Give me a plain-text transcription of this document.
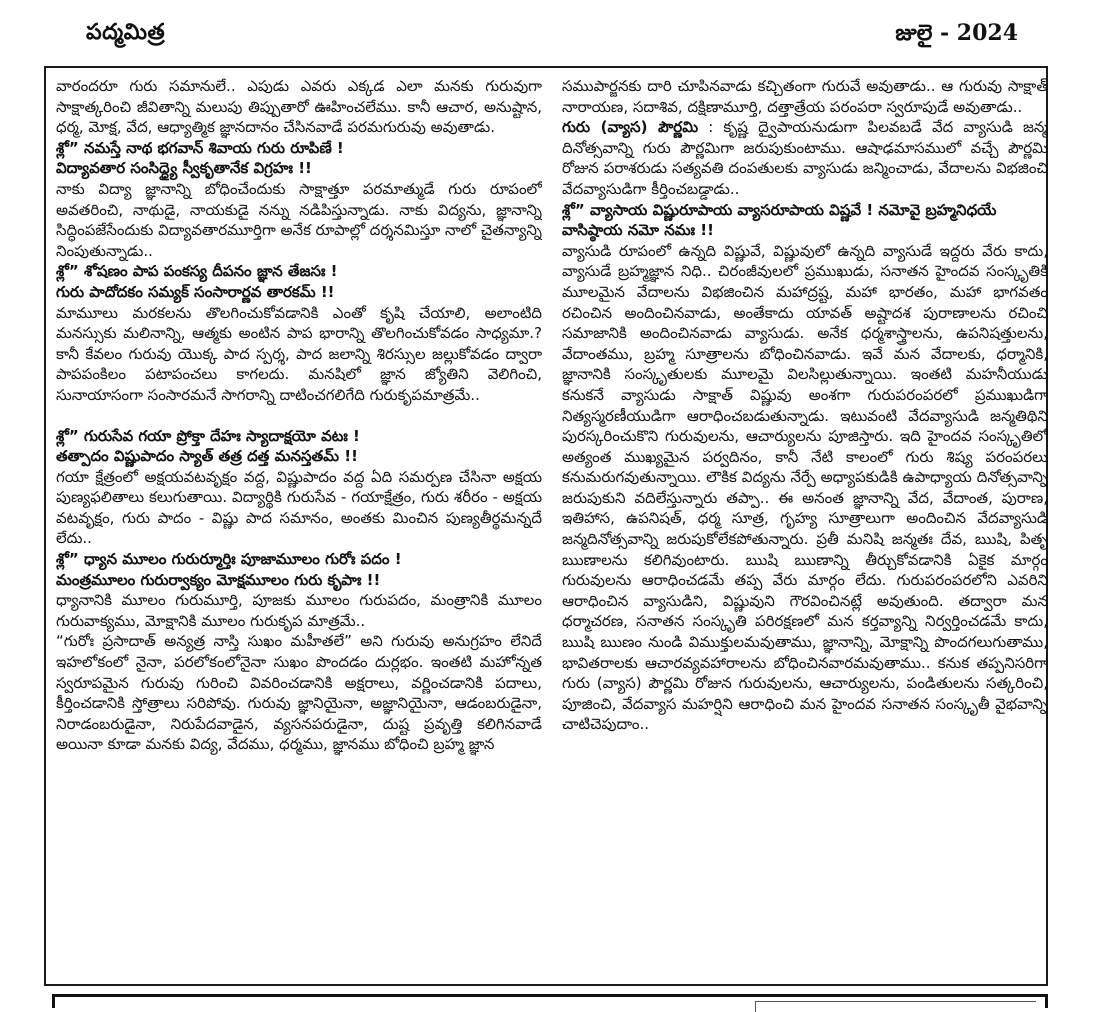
పద్మమిత్ర	జులై - 2024

వారందరూ గురు సమానులే.. ఎపుడు ఎవరు ఎక్కడ ఎలా మనకు గురువుగా సాక్షాత్కరించి జీవితాన్ని మలుపు తిప్పుతారో ఊహించలేము. కానీ ఆచార, అనుష్టాన, ధర్మ, మోక్ష, వేద, ఆధ్యాత్మిక జ్ఞానదానం చేసినవాడే పరమగురువు అవుతాడు.

శ్లో” నమస్తే నాథ భగవాన్ శివాయ గురు రూపిణే !

విద్యావతార సంసిద్ధ్యై స్వీకృతానేక విగ్రహః !!

నాకు విద్యా జ్ఞానాన్ని బోధించేందుకు సాక్షాత్తూ పరమాత్ముడే గురు రూపంలో అవతరించి, నాథుడై, నాయకుడై నన్ను నడిపిస్తున్నాడు. నాకు విద్యను, జ్ఞానాన్ని సిద్ధింపజేసేందుకు విద్యావతారమూర్తిగా అనేక రూపాల్లో దర్శనమిస్తూ నాలో చైతన్యాన్ని నింపుతున్నాడు..

శ్లో” శోషణం పాప పంకస్య దీపనం జ్ఞాన తేజసః !

గురు పాదోదకం సమ్యక్ సంసారార్ణవ తారకమ్ !!

మామూలు మరకలను తొలగించుకోవడానికి ఎంతో కృషి చేయాలి, అలాంటిది మనస్సుకు మలినాన్ని, ఆత్మకు అంటిన పాప భారాన్ని తొలగించుకోవడం సాధ్యమా.? కానీ కేవలం గురువు యొక్క పాద స్పర్శ, పాద జలాన్ని శిరస్సుల జల్లుకోవడం ద్వారా పాపపంకిలం పటాపంచలు కాగలదు. మనషిలో జ్ఞాన జ్యోతిని వెలిగించి, సునాయాసంగా సంసారమనే సాగరాన్ని దాటించగలిగేది గురుకృపమాత్రమే..

శ్లో” గురుసేవ గయా ప్రోక్తా దేహః స్యాదాక్షయో వటః !

తత్పాదం విష్ణుపాదం స్యాత్ తత్ర దత్త మనస్తతమ్ !!

గయా క్షేత్రంలో అక్షయవటవృక్షం వద్ద, విష్ణుపాదం వద్ద ఏది సమర్పణ చేసినా అక్షయ పుణ్యఫలితాలు కలుగుతాయి. విద్యార్థికి గురుసేవ - గయాక్షేత్రం, గురు శరీరం - అక్షయ వటవృక్షం, గురు పాదం - విష్ణు పాద సమానం, అంతకు మించిన పుణ్యతీర్థమన్నదే లేదు..

శ్లో” ధ్యాన మూలం గురుర్మూర్తిః పూజామూలం గురోః పదం !

మంత్రమూలం గురుర్వాక్యం మోక్షమూలం గురు కృపాః !!

ధ్యానానికి మూలం గురుమూర్తి, పూజకు మూలం గురుపదం, మంత్రానికి మూలం గురువాక్యము, మోక్షానికి మూలం గురుకృప మాత్రమే..

“గురోః ప్రసాదాత్ అన్యత్ర నాస్తి సుఖం మహీతలే” అని గురువు అనుగ్రహం లేనిదే ఇహలోకంలో నైనా, పరలోకంలోనైనా సుఖం పొందడం దుర్లభం. ఇంతటి మహోన్నత స్వరూపమైన గురువు గురించి వివరించడానికి అక్షరాలు, వర్ణించడానికి పదాలు, కీర్తించడానికి స్తోత్రాలు సరిపోవు. గురువు జ్ఞానియైనా, అజ్ఞానియైనా, ఆడంబరుడైనా, నిరాడంబరుడైనా, నిరుపేదవాడైన, వ్యసనపరుడైనా, దుష్ట ప్రవృత్తి కలిగినవాడే అయినా కూడా మనకు విద్య, వేదము, ధర్మము, జ్ఞానము బోధించి బ్రహ్మ జ్ఞాన

సముపార్జనకు దారి చూపినవాడు కచ్చితంగా గురువే అవుతాడు.. ఆ గురువు సాక్షాత్ నారాయణ, సదాశివ, దక్షిణామూర్తి, దత్తాత్రేయ పరంపరా స్వరూపుడే అవుతాడు..

గురు (వ్యాస) పౌర్ణమి : కృష్ణ ద్వైపాయనుడుగా పిలవబడే వేద వ్యాసుడి జన్మ దినోత్సవాన్ని గురు పౌర్ణమిగా జరుపుకుంటాము. ఆషాఢమాసములో వచ్చే పౌర్ణమి రోజున పరాశరుడు సత్యవతి దంపతులకు వ్యాసుడు జన్మించాడు, వేదాలను విభజించి వేదవ్యాసుడిగా కీర్తించబడ్డాడు..

శ్లో” వ్యాసాయ విష్ణురూపాయ వ్యాసరూపాయ విష్ణవే ! నమోవై బ్రహ్మనిధయే వాసిష్ఠాయ నమో నమః !!

వ్యాసుడి రూపంలో ఉన్నది విష్ణువే, విష్ణువులో ఉన్నది వ్యాసుడే ఇద్దరు వేరు కాదు, వ్యాసుడే బ్రహ్మజ్ఞాన నిధి.. చిరంజీవులలో ప్రముఖుడు, సనాతన హైందవ సంస్కృతికి మూలమైన వేదాలను విభజించిన మహాద్రష్ట, మహా భారతం, మహా భాగవతం రచించిన అందించినవాడు, అంతేకాదు యావత్ అష్టాదశ పురాణాలను రచించి సమాజానికి అందించినవాడు వ్యాసుడు. అనేక ధర్మశాస్త్రాలను, ఉపనిషత్తులను, వేదాంతము, బ్రహ్మ సూత్రాలను బోధించినవాడు. ఇవే మన వేదాలకు, ధర్మానికి, జ్ఞానానికి సంస్కృతులకు మూలమై విలసిల్లుతున్నాయి. ఇంతటి మహనీయుడు కనుకనే వ్యాసుడు సాక్షాత్ విష్ణువు అంశగా గురుపరంపరలో ప్రముఖుడిగా నిత్యస్మరణీయుడిగా ఆరాధించబడుతున్నాడు. ఇటువంటి వేదవ్యాసుడి జన్మతిథిని పురస్కరించుకొని గురువులను, ఆచార్యులను పూజిస్తారు. ఇది హైందవ సంస్కృతిలో అత్యంత ముఖ్యమైన పర్వదినం, కానీ నేటి కాలంలో గురు శిష్య పరంపరలు కనుమరుగవుతున్నాయి. లౌకిక విద్యను నేర్పే అధ్యాపకుడికి ఉపాధ్యాయ దినోత్సవాన్ని జరుపుకుని వదిలేస్తున్నారు తప్పా.. ఈ అనంత జ్ఞానాన్ని వేద, వేదాంత, పురాణ, ఇతిహాస, ఉపనిషత్, ధర్మ సూత్ర, గృహ్య సూత్రాలుగా అందించిన వేదవ్యాసుడి జన్మదినోత్సవాన్ని జరుపుకోలేకపోతున్నారు. ప్రతీ మనిషి జన్మతః దేవ, ఋషి, పితృ ఋణాలను కలిగివుంటారు. ఋషి ఋణాన్ని తీర్చుకోవడానికి ఏకైక మార్గం గురువులను ఆరాధించడమే తప్ప వేరు మార్గం లేదు. గురుపరంపరలోని ఎవరిని ఆరాధించిన వ్యాసుడిని, విష్ణువుని గౌరవించినట్లే అవుతుంది. తద్వారా మన ధర్మాచరణ, సనాతన సంస్కృతి పరిరక్షణలో మన కర్తవ్యాన్ని నిర్వర్తించడమే కాదు, ఋషి ఋణం నుండి విముక్తులమవుతాము, జ్ఞానాన్ని, మోక్షాన్ని పొందగలుగుతాము, భావితరాలకు ఆచారవ్యవహారాలను బోధించినవారమవుతాము.. కనుక తప్పనిసరిగా గురు (వ్యాస) పౌర్ణమి రోజున గురువులను, ఆచార్యులను, పండితులను సత్కరించి, పూజించి, వేదవ్యాస మహర్షిని ఆరాధించి మన హైందవ సనాతన సంస్కృతీ వైభవాన్ని చాటిచెపుదాం..
